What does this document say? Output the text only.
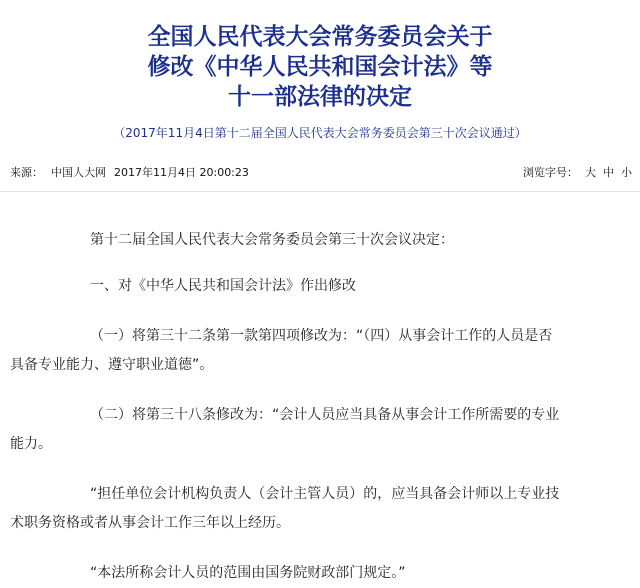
全国人民代表大会常务委员会关于
修改《中华人民共和国会计法》等
十一部法律的决定
（2017年11月4日第十二届全国人民代表大会常务委员会第三十次会议通过）
来源： 中国人大网 2017年11月4日 20:00:23	浏览字号： 大 中 小

第十二届全国人民代表大会常务委员会第三十次会议决定：

一、对《中华人民共和国会计法》作出修改

（一）将第三十二条第一款第四项修改为：“（四）从事会计工作的人员是否

具备专业能力、遵守职业道德”。

（二）将第三十八条修改为：“会计人员应当具备从事会计工作所需要的专业

能力。

“担任单位会计机构负责人（会计主管人员）的，应当具备会计师以上专业技

术职务资格或者从事会计工作三年以上经历。

“本法所称会计人员的范围由国务院财政部门规定。”
